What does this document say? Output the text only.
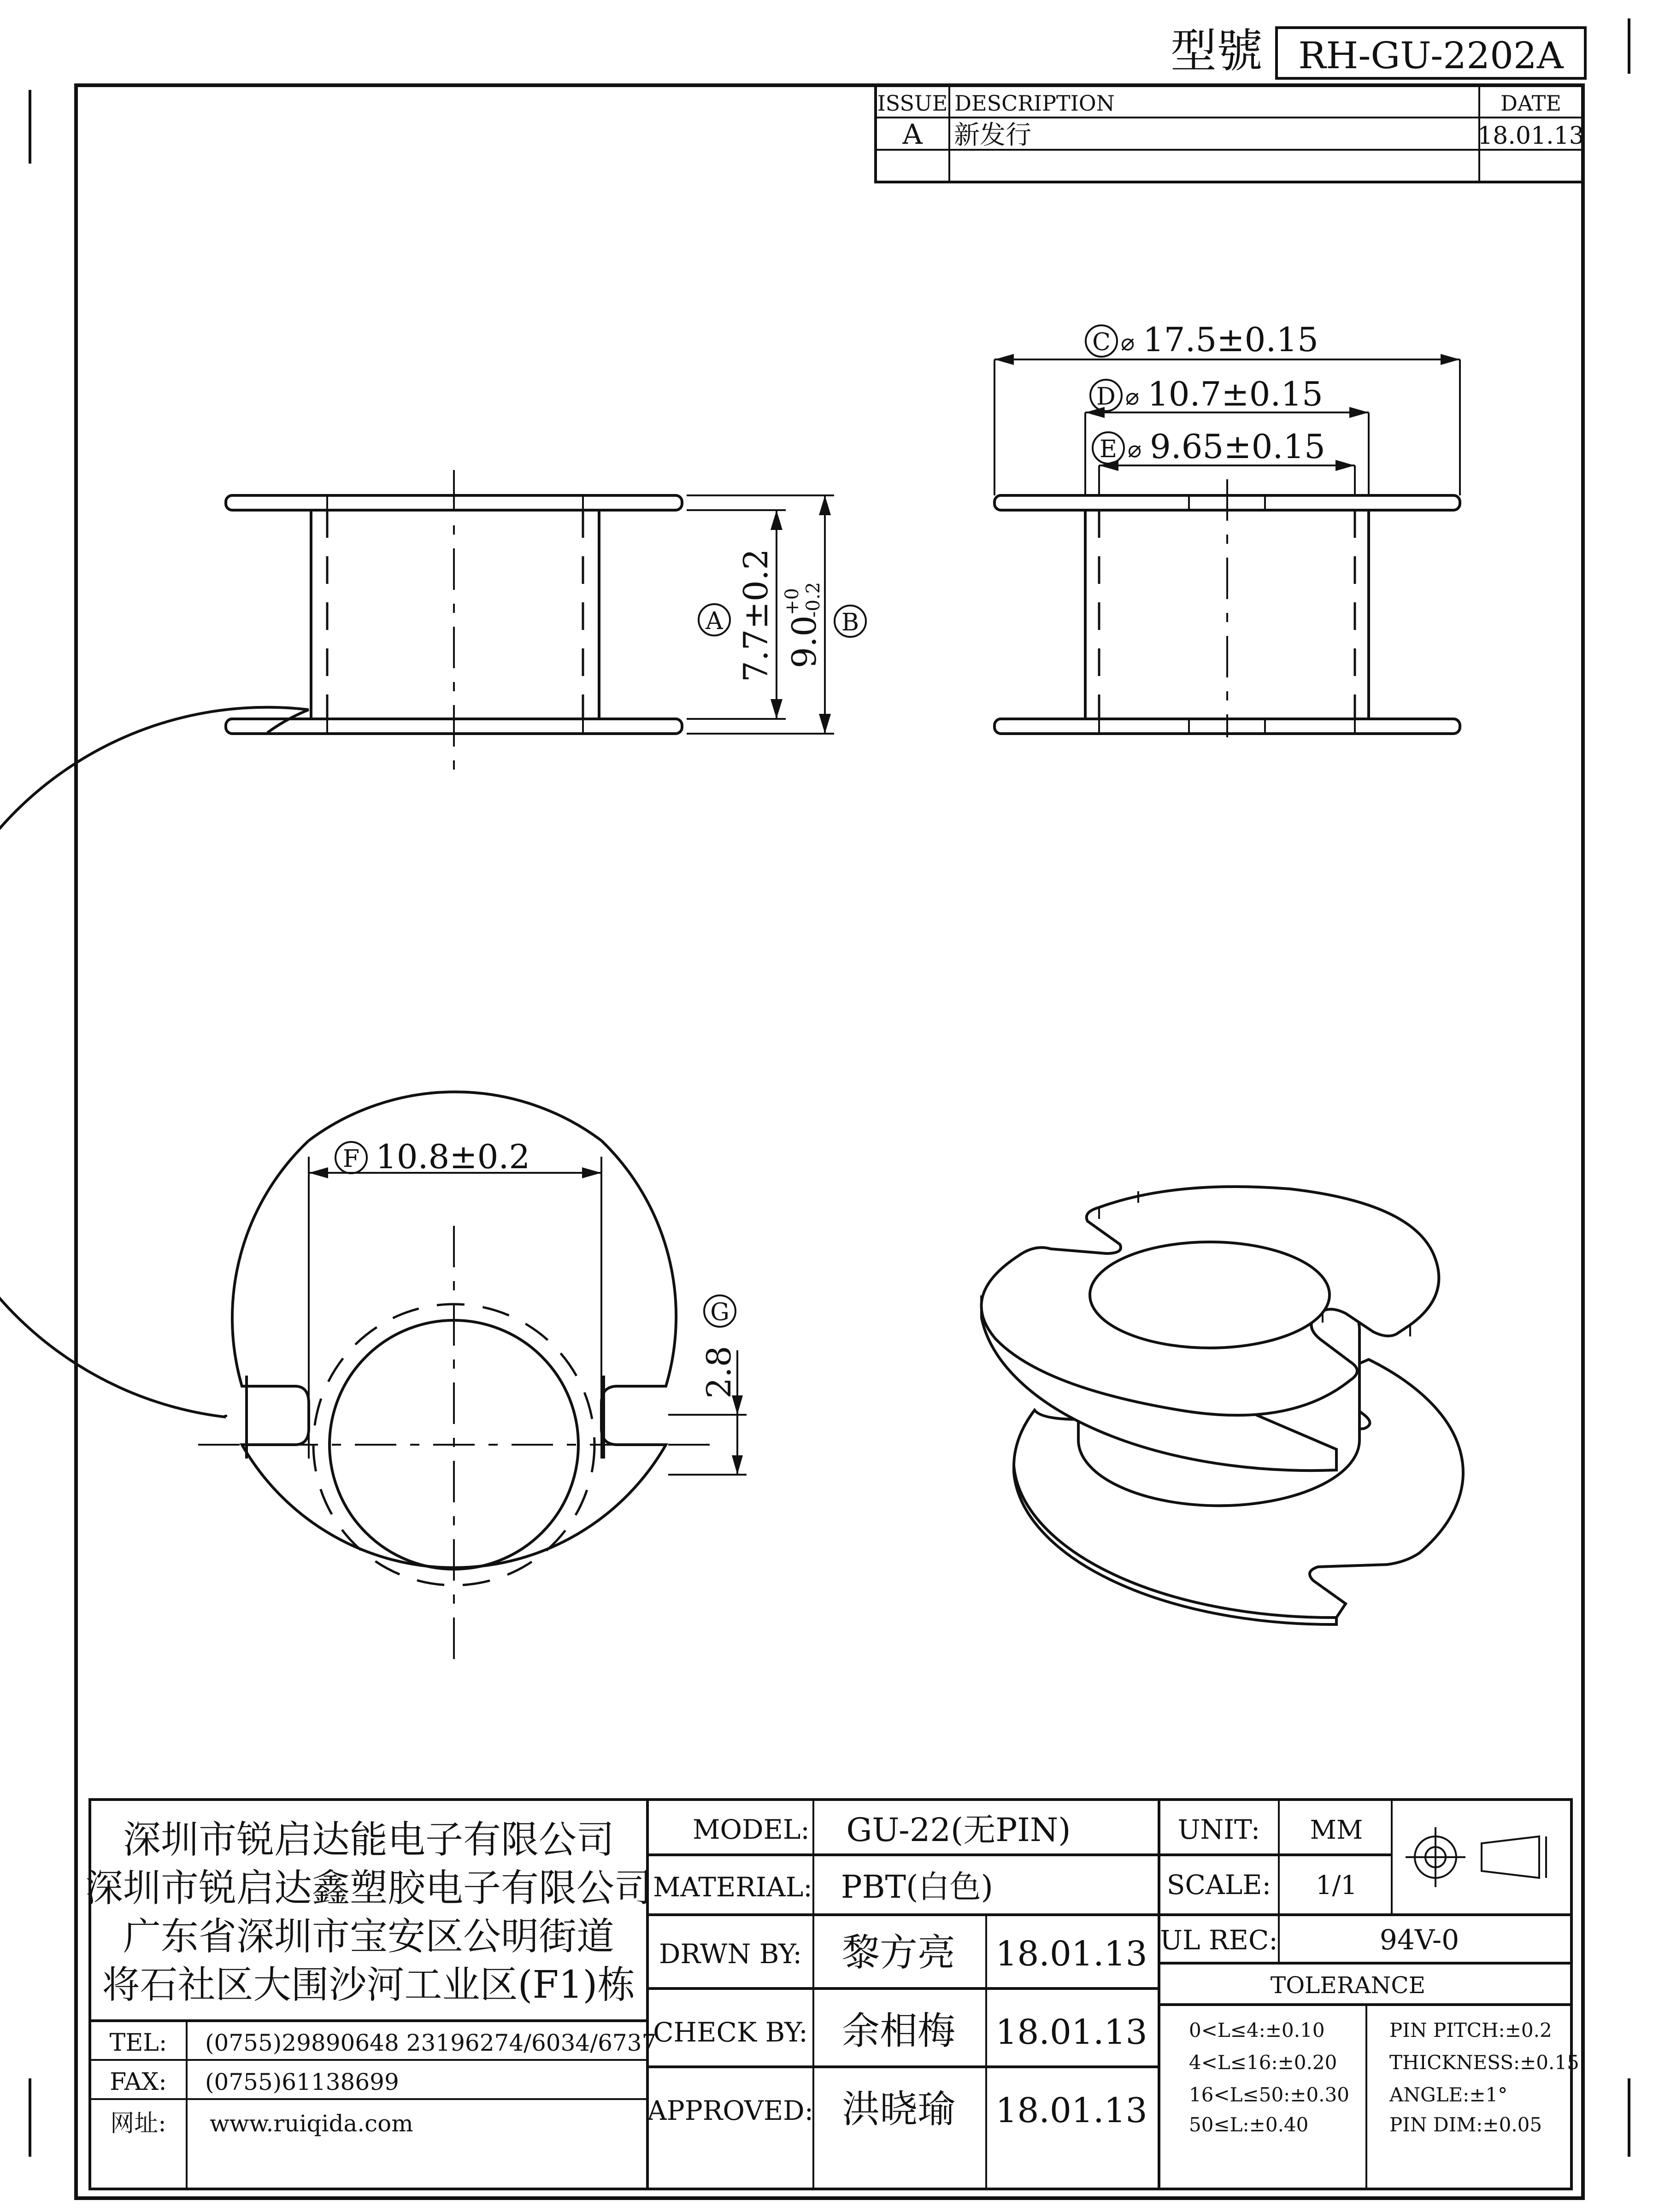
型號 RH-GU-2202A
ISSUE DESCRIPTION	DATE
A 新发行	18.01.13
A 7.7±0.2	B
9.0
+0 -0.2
C ⌀ 17.5±0.15
D ⌀ 10.7±0.15
E ⌀ 9.65±0.15
F 10.8±0.2
G
2.8
深圳市锐启达能电子有限公司
深圳市锐启达鑫塑胶电子有限公司
广东省深圳市宝安区公明街道
将石社区大围沙河工业区(F1)栋
TEL: (0755)29890648 23196274/6034/6737
FAX: (0755)61138699
网址: www.ruiqida.com
MODEL: GU-22(无PIN)
MATERIAL: PBT(白色)
DRWN BY: 黎方亮 18.01.13
CHECK BY: 余相梅 18.01.13
APPROVED: 洪晓瑜 18.01.13
UNIT: MM
SCALE: 1/1
UL REC:	94V-0
TOLERANCE
0<L≤4:±0.10
4<L≤16:±0.20
16<L≤50:±0.30
50≤L:±0.40
PIN PITCH:±0.2
THICKNESS:±0.15
ANGLE:±1°
PIN DIM:±0.05
